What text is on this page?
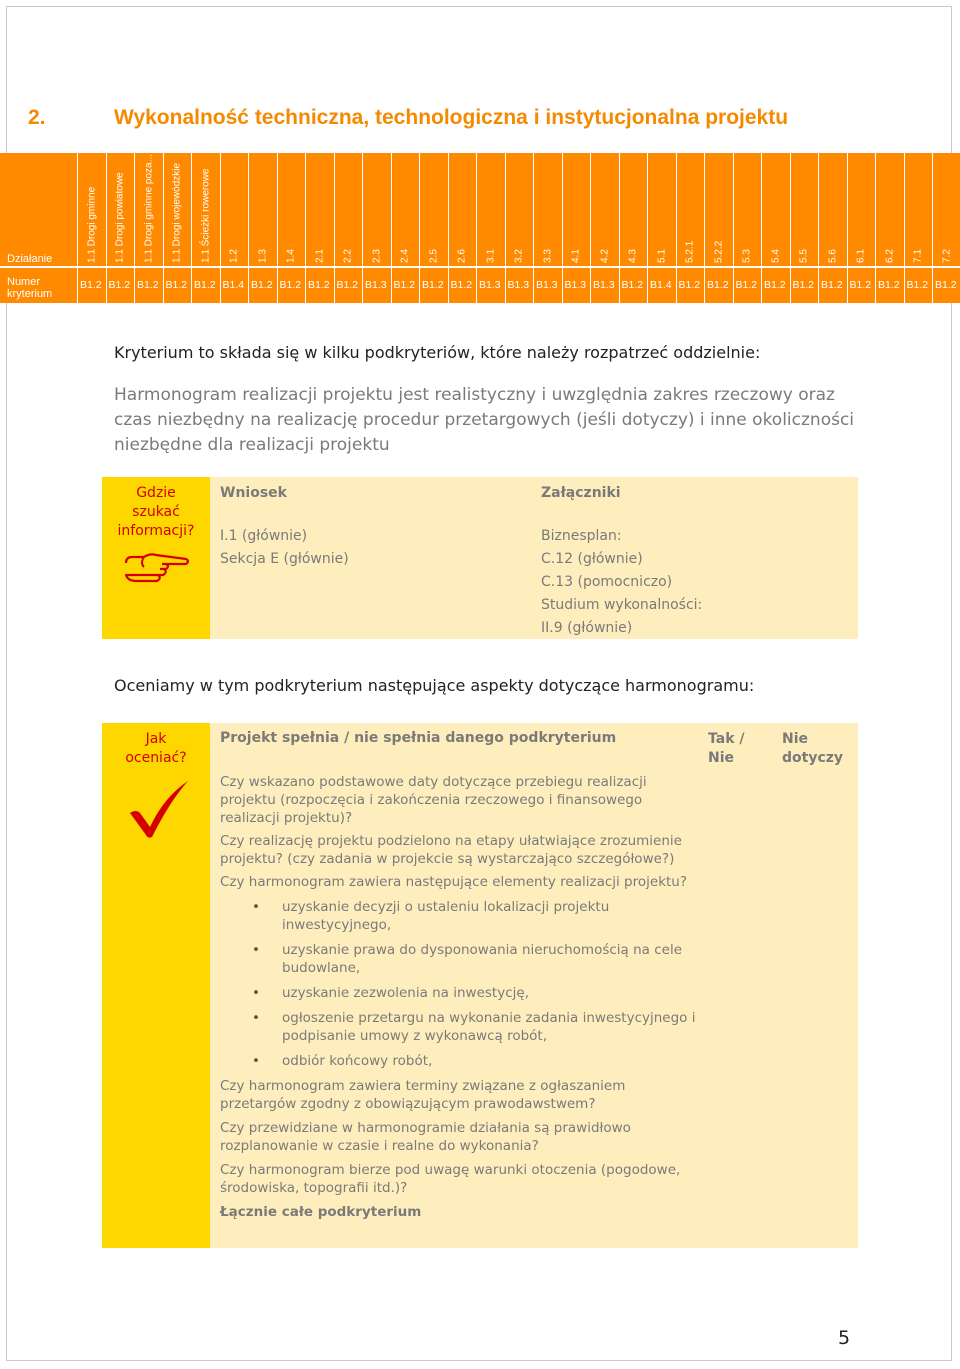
2.	Wykonalność techniczna, technologiczna i instytucjonalna projektu
Działanie
Numer kryterium
1.1 Drogi gminne
B1.2
1.1 Drogi powiatowe
B1.2
1.1 Drogi gminne poza...
B1.2
1.1 Drogi wojewódzkie
B1.2
1.1 Ścieżki rowerowe
B1.2
1.2
B1.4
1.3
B1.2
1.4
B1.2
2.1
B1.2
2.2
B1.2
2.3
B1.3
2.4
B1.2
2.5
B1.2
2.6
B1.2
3.1
B1.3
3.2
B1.3
3.3
B1.3
4.1
B1.3
4.2
B1.3
4.3
B1.2
5.1
B1.4
5.2.1
B1.2
5.2.2
B1.2
5.3
B1.2
5.4
B1.2
5.5
B1.2
5.6
B1.2
6.1
B1.2
6.2
B1.2
7.1
B1.2
7.2
B1.2
Kryterium to składa się w kilku podkryteriów, które należy rozpatrzeć oddzielnie:
Harmonogram realizacji projektu jest realistyczny i uwzględnia zakres rzeczowy oraz czas niezbędny na realizację procedur przetargowych (jeśli dotyczy) i inne okoliczności niezbędne dla realizacji projektu
Gdzie szukać informacji?
Wniosek
I.1 (głównie)
Sekcja E (głównie)
Załączniki
Biznesplan:
C.12 (głównie)
C.13 (pomocniczo)
Studium wykonalności:
II.9 (głównie)
Oceniamy w tym podkryterium następujące aspekty dotyczące harmonogramu:
Jak oceniać?
Projekt spełnia / nie spełnia danego podkryterium	Tak / Nie
Nie dotyczy
Czy wskazano podstawowe daty dotyczące przebiegu realizacji projektu (rozpoczęcia i zakończenia rzeczowego i finansowego realizacji projektu)?
Czy realizację projektu podzielono na etapy ułatwiające zrozumienie projektu? (czy zadania w projekcie są wystarczająco szczegółowe?)
Czy harmonogram zawiera następujące elementy realizacji projektu?
• uzyskanie decyzji o ustaleniu lokalizacji projektu inwestycyjnego,
• uzyskanie prawa do dysponowania nieruchomością na cele budowlane,
• uzyskanie zezwolenia na inwestycję,
• ogłoszenie przetargu na wykonanie zadania inwestycyjnego i podpisanie umowy z wykonawcą robót,
• odbiór końcowy robót,
Czy harmonogram zawiera terminy związane z ogłaszaniem przetargów zgodny z obowiązującym prawodawstwem?
Czy przewidziane w harmonogramie działania są prawidłowo rozplanowanie w czasie i realne do wykonania?
Czy harmonogram bierze pod uwagę warunki otoczenia (pogodowe, środowiska, topografii itd.)?
Łącznie całe podkryterium
5
